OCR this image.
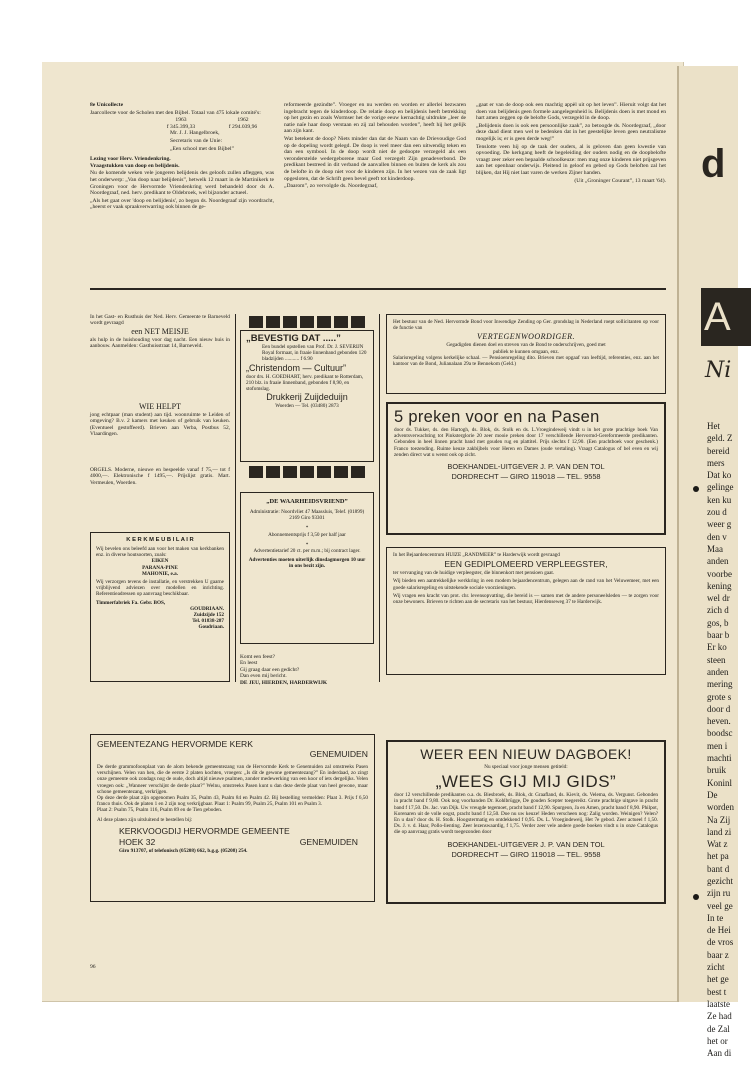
8e Unicollecte

Jaarcollecte voor de Scholen met den Bijbel. Totaal van 475 lokale comité's:

1963	1962
f 345.399,33	f 294.039,96

Mr. J. J. Hangelbroek,

Secretaris van de Unie:

„Een school met den Bijbel”

Lezing voor Herv. Vriendenkring.

Vraagstukken van doop en belijdenis.

Nu de komende weken vele jongeren belijdenis des geloofs zullen afleggen, was het onderwerp: „Van doop naar belijdenis”, hetwelk 12 maart in de Martinikerk te Groningen voor de Hervormde Vriendenkring werd behandeld door ds A. Noordegraaf, ned. herv. predikant te Oldebroek, wel bijzonder actueel.

„Als het gaat over 'doop en belijdenis', zo begon ds. Noordegraaf zijn voordracht, „heerst er vaak spraakverwarring ook binnen de ge-

reformeerde gezindte”. Vroeger en nu werden en worden er allerlei bezwaren ingebracht tegen de kinderdoop. De relatie doop en belijdenis heeft betrekking op het gezin en zoals Wormser het de vorige eeuw kernachtig uitdrukte „leer de natie naïe haar doop verstaan en zij zal behouden worden”, heeft hij het gelijk aan zijn kant.

Wat betekent de doop? Niets minder dan dat de Naam van de Drievoudige God op de dopeling wordt gelegd. De doop is veel meer dan een uitwendig teken en dan een symbool. In de doop wordt niet de gedoopte verzegeld als een veronderstelde wedergeborene maar God verzegelt Zijn genadeverbond. De predikant bestreed in dit verband de aanvallen binnen en buiten de kerk als zou de belofte in de doop niet voor de kinderen zijn. In het wezen van de zaak ligt opgesloten, dat de Schrift geen bevel geeft tot kinderdoop.

„Daarom”, zo vervolgde ds. Noordegraaf,

„gaat er van de doop ook een machtig appèl uit op het leven”. Hieruit volgt dat het doen van belijdenis geen formele aangelegenheid is. Belijdenis doen is met mond en hart amen zeggen op de belofte Gods, verzegeld in de doop.

„Belijdenis doen is ook een persoonlijke zaak”, zo betoogde ds. Noordegraaf, „door deze daad dient men wel te bedenken dat in het geestelijke leven geen neutralisme mogelijk is; er is geen derde weg!”

Tenslotte veen hij op de taak der ouders, al is geloven dan geen kwestie van opvoeding. De kerkgang heeft de begeleiding der ouders nodig en de doopbelofte vraagt zeer zeker een bepaalde schoolkeuze: men mag onze kinderen niet prijsgeven aan het openbaar onderwijs. Pleitend in geloof en gebed op Gods beloften zal het blijken, dat Hij niet laat varen de werken Zijner handen.

(Uit „Groninger Courant”, 13 maart '64).

In het Gast- en Rusthuis der Ned. Herv. Gemeente te Barneveld wordt gevraagd

een NET MEISJE

als hulp in de huishouding voor dag nacht. Een nieuw huis in aanbouw. Aanmelden: Gasthuisstraat 14, Barneveld.

WIE HELPT

jong echtpaar (man student) aan tijd. woonruimte te Leiden of omgeving? B.v. 2 kamers met keuken of gebruik van keuken. (Eventueel gestoffeerd). Brieven aan Verba, Postbus 52, Vlaardingen.

ORGELS. Moderne, nieuwe en bespeelde vanaf f 75,— tot f 4000,—. Elektronische f 1495,—. Prijslijst gratis. Mart. Vermeulen, Woerden.

K E R K M E U B I L A I R

Wij bevelen ons beleefd aan voor het maken van kerkbanken enz. in diverse houtsoorten, zoals:

EIKEN

PARANA-PINE

MAHONIE, e.a.

Wij verzorgen tevens de installatie, en verstrekken U gaarne vrijblijvend adviezen over modellen en inrichting. Referentieadressen op aanvraag beschikbaar.

Timmerfabriek Fa. Gebr. BOS,

GOUDRIAAN.

Zuidzijde 152

Tel. 01838-287

Goudriaan.

„BEVESTIG DAT .....”

Een bundel opstellen van Prof. Dr. J. SEVERIJN Royal formaat, in fraaie linnenband gebonden 120 bladzijden ........... f 6.90

„Christendom — Cultuur”

door drs. H. GOEDHART, herv. predikant te Rotterdam, 210 blz. in fraaie linnenband, gebonden f 8,90, en stofomslag.

Drukkerij Zuijdeduijn

Woerden — Tel. (03480) 2873

„DE WAARHEIDSVRIEND”

Administratie: Noordvliet 47 Maassluis, Telef. (01899) 2169 Giro 93301

*

Abonnementsprijs f 3,50 per half jaar

*

Advertentietarief 20 ct. per m.m.; bij contract lager.

Advertenties moeten uiterlijk dinsdagmorgen 10 uur in ons bezit zijn.

Komt een feest?

En leest

Gij graag daar een gedicht?

Dan even mij bericht.

DE JEU, HIERDEN, HARDERWIJK

Het bestuur van de Ned. Hervormde Bond voor Inwendige Zending op Ger. grondslag in Nederland roept sollicitanten op voor de functie van

VERTEGENWOORDIGER.

Gegadigden dienen doel en streven van de Bond te onderschrijven, goed met publiek te kunnen omgaan, enz.

Salarisregeling volgens kerkelijke schaal. — Pensioenregeling dito. Brieven met opgaaf van leeftijd, referenties, enz. aan het kantoor van de Bond, Julianalaan 29a te Bennekom (Geld.)

5 preken voor en na Pasen

door ds. Tukker, ds. den Hartogh, ds. Blok, ds. Stolk en ds. L.Vroegindeweij vindt u in het grote prachtige boek Van adventsverwachting tot Pinksterglorie 20 zeer mooie preken door 17 verschillende Hervormd-Gereformeerde predikanten. Gebonden in heel linnen pracht band met gouden rug en plattitel. Prijs slechts f 12,90. (Een prachtboek voor geschenk.) Franco toezending. Ruime keuze zakbijbels voor Heren en Dames (oude vertaling). Vraagt Catalogus of bel even en wij zenden direct wat u wenst ook op zicht.

BOEKHANDEL-UITGEVER J. P. VAN DEN TOL

DORDRECHT — GIRO 119018 — TEL. 9558

In het Bejaardencentrum HUIZE „RANDMEER” te Harderwijk wordt gevraagd

EEN GEDIPLOMEERD VERPLEEGSTER,

ter vervanging van de huidige verpleegster, die binnenkort met pensioen gaat.

Wij bieden een aantrekkelijke werkkring in een modern bejaardencentrum, gelegen aan de rand van het Veluwemeer, met een goede salarisregeling en uitstekende sociale voorzieningen.

Wij vragen een kracht van prot. chr. levensopvatting, die bereid is — samen met de andere personeelsleden — te zorgen voor onze bewoners. Brieven te richten aan de secretaris van het bestuur, Hierdenseweg 37 te Harderwijk.

GEMEENTEZANG HERVORMDE KERK

GENEMUIDEN

De derde grammofoonplaat van de alom bekende gemeentezang van de Hervormde Kerk te Genemuiden zal omstreeks Pasen verschijnen. Velen van hen, die de eerste 2 platen kochten, vroegen: „Is dit de gewone gemeentezang?” En inderdaad, zo zingt onze gemeente ook zondags nog de oude, doch altijd nieuwe psalmen, zonder medewerking van een koor of iets dergelijks. Velen vroegen ook: „Wanneer verschijnt de derde plaat?” Welnu, omstreeks Pasen kunt u dan deze derde plaat van heel gewone, maar schone gemeentezang, verkrijgen.

Op deze derde plaat zijn opgenomen Psalm 35, Psalm 43, Psalm 84 en Psalm 42. Bij bestelling vermelden: Plaat 3. Prijs f 6,50 franco thuis. Ook de platen 1 en 2 zijn nog verkrijgbaar. Plaat 1: Psalm 99, Psalm 25, Psalm 101 en Psalm 3.

Plaat 2: Psalm 75, Psalm 116, Psalm 89 en de Tien geboden.

Al deze platen zijn uitsluitend te bestellen bij:

KERKVOOGDIJ HERVORMDE GEMEENTE

HOEK 32	GENEMUIDEN

Giro 913707, of telefonisch (05208) 662, b.g.g. (05208) 254.

WEER EEN NIEUW DAGBOEK!

Nu speciaal voor jonge mensen getiteld:

„WEES GIJ MIJ GIDS”

door 12 verschillende predikanten o.a. ds. Biesbroek, ds. Blok, dr. Graafland, ds. Kievit, ds. Velema, ds. Vergunst. Gebonden in pracht band f 9,80. Ook nog voorhanden Dr. Kohlbrügge, De gouden Scepter toegereikt. Grote prachtige uitgave in pracht band f 17,50. Ds. Jac. van Dijk. Uw vreugde tegemoet, pracht band f 12,90. Spurgeon, Ja en Amen, pracht band f 8,90. Philpot, Korenaren uit de volle oogst, pracht band f 12,50. Doe nu uw keuze! Heden verscheen nog: Zalig worden. Weinigen? Velen? En u dan? door ds. H. Stolk. Hoogstermatig en ontdekkend f 0,95. Ds. L. Vroegindeweij, Het 7e gebod. Zeer actueel f 1,50. Ds. J. v. d. Haar, Pollo-lienting. Zeer lezenswaardig, f 1,75. Verder zeer vele andere goede boeken vindt u in onze Catalogus die op aanvraag gratis wordt toegezonden door

BOEKHANDEL-UITGEVER J. P. VAN DEN TOL

DORDRECHT — GIRO 119018 — TEL. 9558

96
d
A
Ni
Het
geld. Z
bereid
mers
Dat ko
gelinge
ken ku
zou d
weer g
den v
Maa
anden
voorbe
kening
wel dr
zich d
gos, b
baar b
Er ko
steen
anden
mering
grote s
door d
heven.
boodsc
men i
machti
bruik
Koninl
De
worden
Na Zij
land zi
Wat z
het pa
bant d
gezicht
zijn ru
veel ge
In te
de Hei
de vros
baar z
zicht
het ge
best t
laatste
Ze had
de Zal
het or
Aan di
